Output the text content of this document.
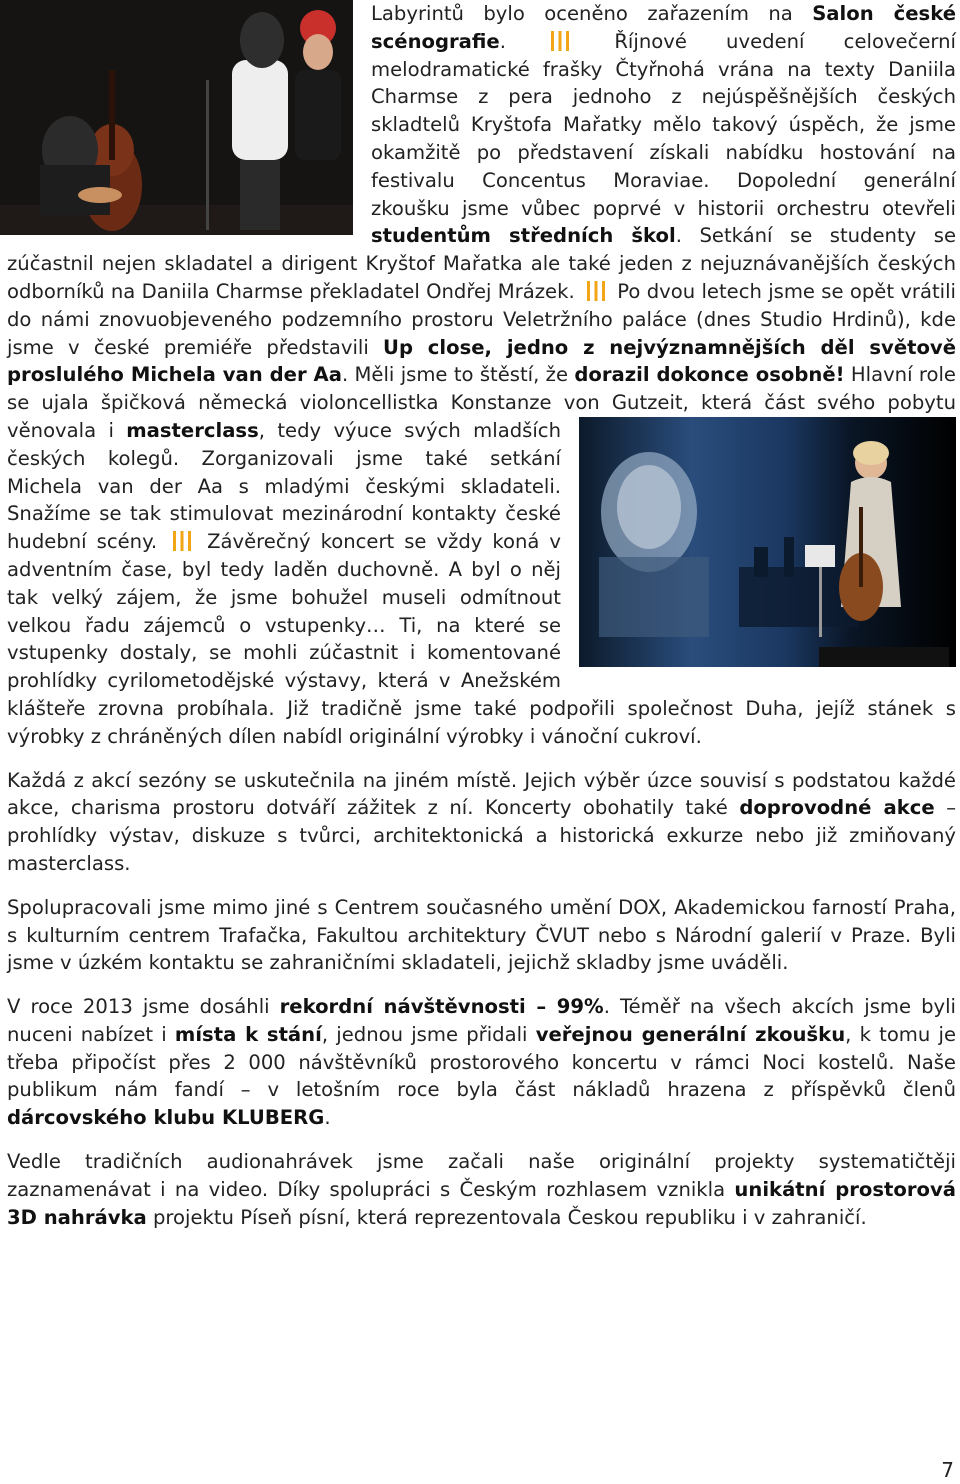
Labyrintů bylo oceněno zařazením na Salon české scénografie.
Říjnové uvedení celovečerní melodramatické frašky Čtyřnohá vrána na texty Daniila Charmse z pera jednoho z nejúspěšnějších českých skladtelů Kryštofa Mařatky mělo takový úspěch, že jsme okamžitě po představení získali nabídku hostování na festivalu Concentus Moraviae. Dopolední generální zkoušku jsme vůbec poprvé v historii orchestru otevřeli studentům středních škol. Setkání se studenty se zúčastnil nejen skladatel a dirigent Kryštof Mařatka ale také jeden z nejuznávanějších českých odborníků na Daniila Charmse překladatel Ondřej Mrázek.
Po dvou letech jsme se opět vrátili do námi znovuobjeveného podzemního prostoru Veletržního paláce (dnes Studio Hrdinů), kde jsme v české premiéře představili Up close, jedno z nejvýznamnějších děl světově proslulého Michela van der Aa. Měli jsme to štěstí, že dorazil dokonce osobně! Hlavní role se ujala špičková německá violoncellistka Konstanze von Gutzeit, která část svého pobytu věnovala i masterclass
, tedy výuce svých mladších českých kolegů. Zorganizovali jsme také setkání Michela van der Aa s mladými českými skladateli. Snažíme se tak stimulovat mezinárodní kontakty české hudební scény.
Závěrečný koncert se vždy koná v adventním čase, byl tedy laděn duchovně. A byl o něj tak velký zájem, že jsme bohužel museli odmítnout velkou řadu zájemců o vstupenky… Ti, na které se vstupenky dostaly, se mohli zúčastnit i komentované prohlídky cyrilometodějské výstavy, která v Anežském klášteře zrovna probíhala. Již tradičně jsme také podpořili společnost Duha, jejíž stánek s výrobky z chráněných dílen nabídl originální výrobky i vánoční cukroví.

Každá z akcí sezóny se uskutečnila na jiném místě. Jejich výběr úzce souvisí s podstatou každé akce, charisma prostoru dotváří zážitek z ní. Koncerty obohatily také doprovodné akce – prohlídky výstav, diskuze s tvůrci, architektonická a historická exkurze nebo již zmiňovaný masterclass.

Spolupracovali jsme mimo jiné s Centrem současného umění DOX, Akademickou farností Praha, s kulturním centrem Trafačka, Fakultou architektury ČVUT nebo s Národní galerií v Praze. Byli jsme v úzkém kontaktu se zahraničními skladateli, jejichž skladby jsme uváděli.

V roce 2013 jsme dosáhli rekordní návštěvnosti – 99%. Téměř na všech akcích jsme byli nuceni nabízet i místa k stání, jednou jsme přidali veřejnou generální zkoušku, k tomu je třeba připočíst přes 2 000 návštěvníků prostorového koncertu v rámci Noci kostelů. Naše publikum nám fandí – v letošním roce byla část nákladů hrazena z příspěvků členů dárcovského klubu KLUBERG.

Vedle tradičních audionahrávek jsme začali naše originální projekty systematičtěji zaznamenávat i na video. Díky spolupráci s Českým rozhlasem vznikla unikátní prostorová 3D nahrávka projektu Píseň písní, která reprezentovala Českou republiku i v zahraničí.

7
